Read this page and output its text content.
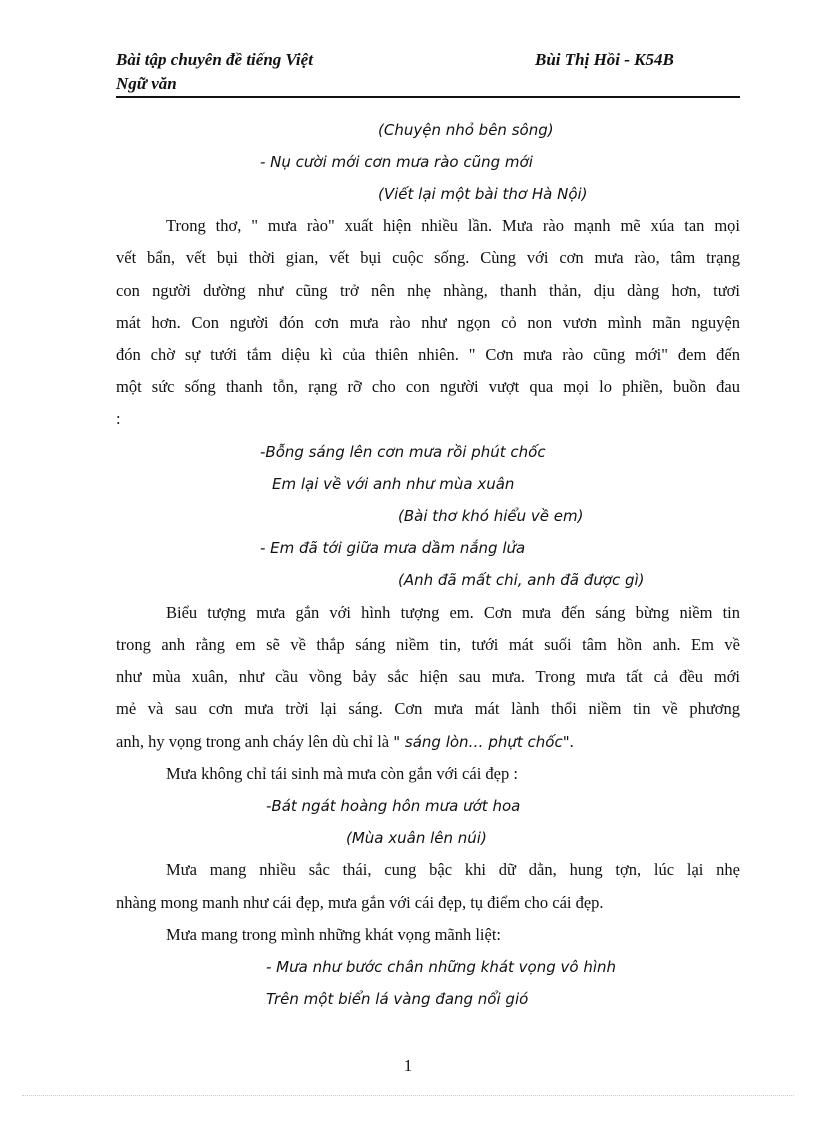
Bài tập chuyên đề tiếng Việt
Ngữ văn
Bùi Thị Hồi - K54B
(Chuyện nhỏ bên sông)
- Nụ cười mới cơn mưa rào cũng mới
(Viết lại một bài thơ Hà Nội)
Trong thơ, " mưa rào" xuất hiện nhiều lần. Mưa rào mạnh mẽ xúa tan mọi
vết bẩn, vết bụi thời gian, vết bụi cuộc sống. Cùng với cơn mưa rào, tâm trạng
con người dường như cũng trở nên nhẹ nhàng, thanh thản, dịu dàng hơn, tươi
mát hơn. Con người đón cơn mưa rào như ngọn cỏ non vươn mình mãn nguyện
đón chờ sự tưới tắm diệu kì của thiên nhiên. " Cơn mưa rào cũng mới" đem đến
một sức sống thanh tỗn, rạng rỡ cho con người vượt qua mọi lo phiền, buồn đau
:
-Bỗng sáng lên cơn mưa rồi phút chốc
Em lại về với anh như mùa xuân
(Bài thơ khó hiểu về em)
- Em đã tới giữa mưa dầm nắng lửa
(Anh đã mất chi, anh đã được gì)
Biểu tượng mưa gắn với hình tượng em. Cơn mưa đến sáng bừng niềm tin
trong anh rằng em sẽ về thắp sáng niềm tin, tưới mát suối tâm hồn anh. Em về
như mùa xuân, như cầu vồng bảy sắc hiện sau mưa. Trong mưa tất cả đều mới
mẻ và sau cơn mưa trời lại sáng. Cơn mưa mát lành thổi niềm tin về phương
anh, hy vọng trong anh cháy lên dù chỉ là " sáng lòn… phựt chốc".
Mưa không chỉ tái sinh mà mưa còn gắn với cái đẹp :
-Bát ngát hoàng hôn mưa ướt hoa
(Mùa xuân lên núi)
Mưa mang nhiều sắc thái, cung bậc khi dữ dằn, hung tợn, lúc lại nhẹ
nhàng mong manh như cái đẹp, mưa gắn với cái đẹp, tụ điểm cho cái đẹp.
Mưa mang trong mình những khát vọng mãnh liệt:
- Mưa như bước chân những khát vọng vô hình
Trên một biển lá vàng đang nổi gió
1
